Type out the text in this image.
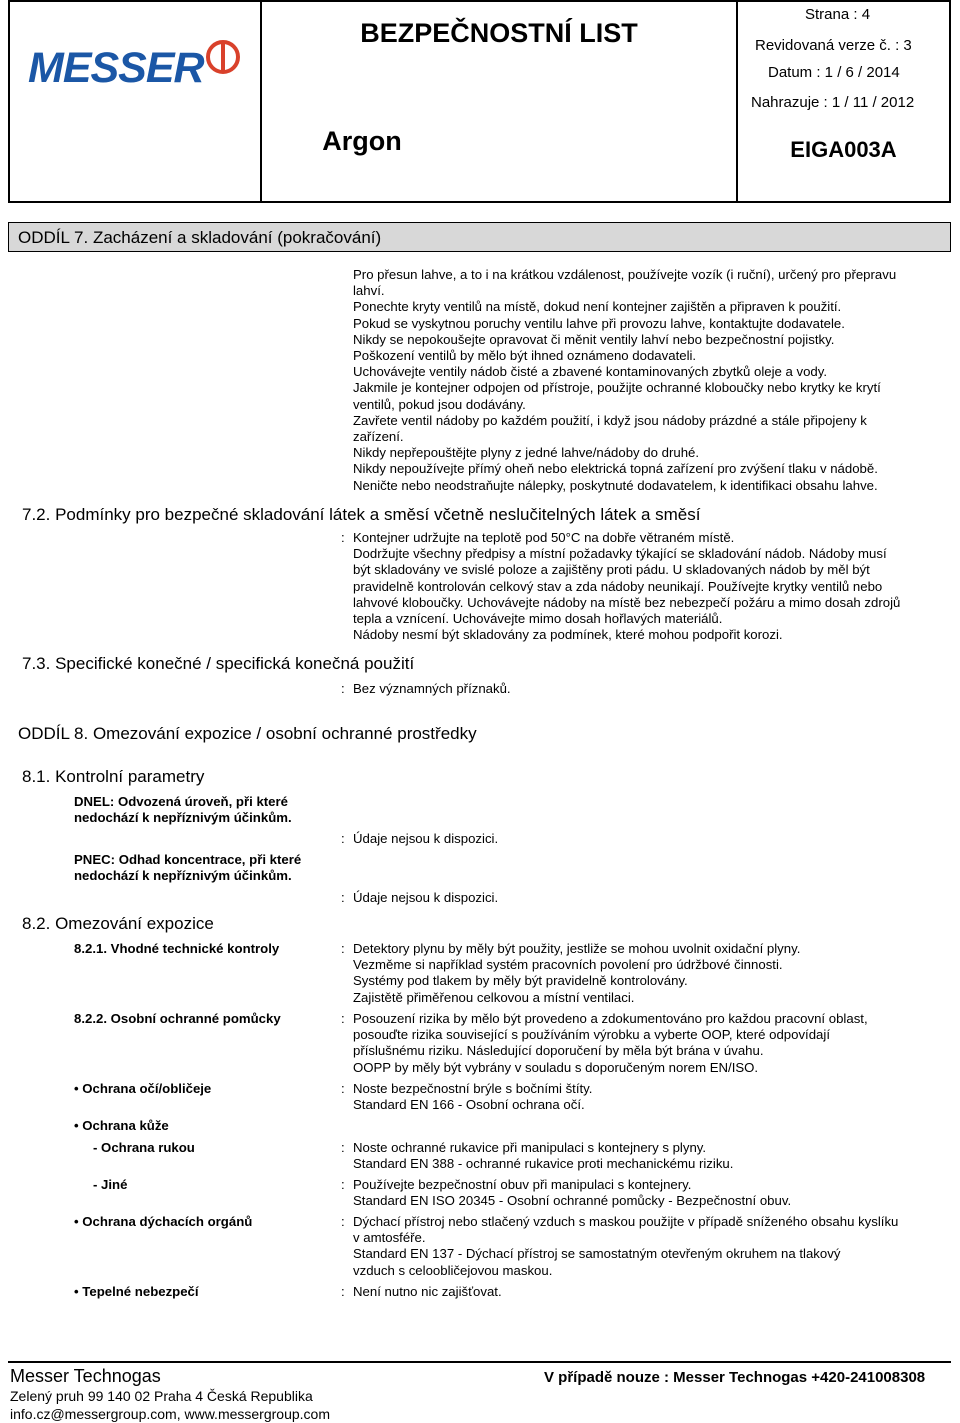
MESSER
BEZPEČNOSTNÍ LIST
Argon
Strana : 4
Revidovaná verze č. : 3
Datum : 1 / 6 / 2014
Nahrazuje : 1 / 11 / 2012
EIGA003A
ODDÍL 7. Zacházení a skladování (pokračování)
Pro přesun lahve, a to i na krátkou vzdálenost, používejte vozík (i ruční), určený pro přepravu
lahví.
Ponechte kryty ventilů na místě, dokud není kontejner zajištěn a připraven k použití.
Pokud se vyskytnou poruchy ventilu lahve při provozu lahve, kontaktujte dodavatele.
Nikdy se nepokoušejte opravovat či měnit ventily lahví nebo bezpečnostní pojistky.
Poškození ventilů by mělo být ihned oznámeno dodavateli.
Uchovávejte ventily nádob čisté a zbavené kontaminovaných zbytků oleje a vody.
Jakmile je kontejner odpojen od přístroje, použijte ochranné kloboučky nebo krytky ke krytí
ventilů, pokud jsou dodávány.
Zavřete ventil nádoby po každém použití, i když jsou nádoby prázdné a stále připojeny k
zařízení.
Nikdy nepřepouštějte plyny z jedné lahve/nádoby do druhé.
Nikdy nepoužívejte přímý oheň nebo elektrická topná zařízení pro zvýšení tlaku v nádobě.
Neničte nebo neodstraňujte nálepky, poskytnuté dodavatelem, k identifikaci obsahu lahve.
7.2. Podmínky pro bezpečné skladování látek a směsí včetně neslučitelných látek a směsí
: Kontejner udržujte na teplotě pod 50°C na dobře větraném místě.
Dodržujte všechny předpisy a místní požadavky týkající se skladování nádob. Nádoby musí
být skladovány ve svislé poloze a zajištěny proti pádu. U skladovaných nádob by měl být
pravidelně kontrolován celkový stav a zda nádoby neunikají. Používejte krytky ventilů nebo
lahvové kloboučky. Uchovávejte nádoby na místě bez nebezpečí požáru a mimo dosah zdrojů
tepla a vznícení. Uchovávejte mimo dosah hořlavých materiálů.
Nádoby nesmí být skladovány za podmínek, které mohou podpořit korozi.
7.3. Specifické konečné / specifická konečná použití
: Bez významných příznaků.
ODDÍL 8. Omezování expozice / osobní ochranné prostředky
8.1. Kontrolní parametry
DNEL: Odvozená úroveň, při které
nedochází k nepříznivým účinkům.
: Údaje nejsou k dispozici.
PNEC: Odhad koncentrace, při které
nedochází k nepříznivým účinkům.
: Údaje nejsou k dispozici.
8.2. Omezování expozice
8.2.1. Vhodné technické kontroly	: Detektory plynu by měly být použity, jestliže se mohou uvolnit oxidační plyny.
Vezměme si například systém pracovních povolení pro údržbové činnosti.
Systémy pod tlakem by měly být pravidelně kontrolovány.
Zajistětě přiměřenou celkovou a místní ventilaci.
8.2.2. Osobní ochranné pomůcky	: Posouzení rizika by mělo být provedeno a zdokumentováno pro každou pracovní oblast,
posouďte rizika související s používáním výrobku a vyberte OOP, které odpovídají
příslušnému riziku. Následující doporučení by měla být brána v úvahu.
OOPP by měly být vybrány v souladu s doporučeným norem EN/ISO.
• Ochrana očí/obličeje	: Noste bezpečnostní brýle s bočními štíty.
Standard EN 166 - Osobní ochrana očí.
• Ochrana kůže
- Ochrana rukou	: Noste ochranné rukavice při manipulaci s kontejnery s plyny.
Standard EN 388 - ochranné rukavice proti mechanickému riziku.
- Jiné	: Používejte bezpečnostní obuv při manipulaci s kontejnery.
Standard EN ISO 20345 - Osobní ochranné pomůcky - Bezpečnostní obuv.
• Ochrana dýchacích orgánů	: Dýchací přístroj nebo stlačený vzduch s maskou použijte v případě sníženého obsahu kyslíku
v amtosféře.
Standard EN 137 - Dýchací přístroj se samostatným otevřeným okruhem na tlakový
vzduch s celoobličejovou maskou.
• Tepelné nebezpečí	: Není nutno nic zajišťovat.
Messer Technogas
Zelený pruh 99 140 02 Praha 4 Česká Republika
info.cz@messergroup.com, www.messergroup.com
V případě nouze : Messer Technogas +420-241008308
